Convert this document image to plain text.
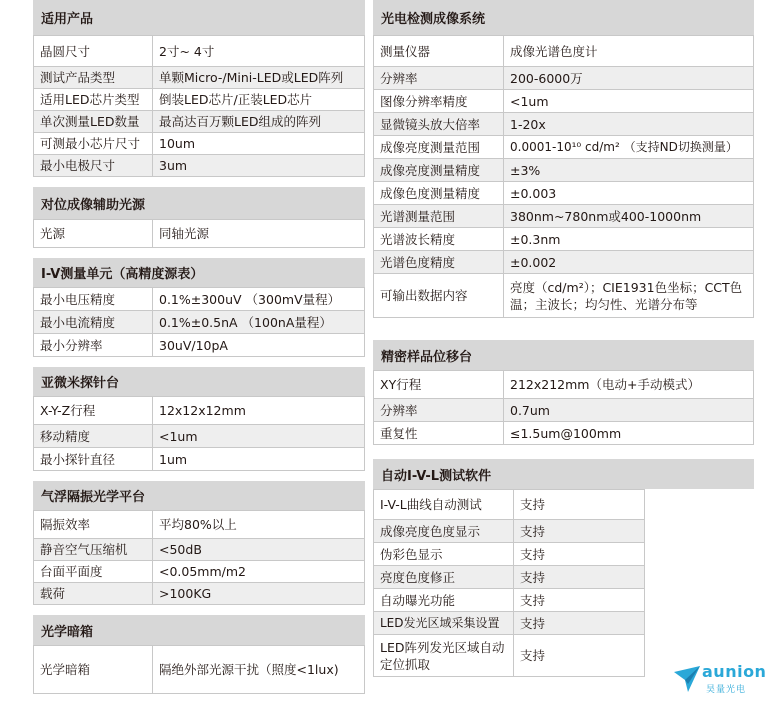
适用产品
晶圆尺寸	2寸~ 4寸
测试产品类型	单颗Micro-/Mini-LED或LED阵列
适用LED芯片类型	倒装LED芯片/正装LED芯片
单次测量LED数量	最高达百万颗LED组成的阵列
可测最小芯片尺寸	10um
最小电极尺寸	3um
对位成像辅助光源
光源	同轴光源
I-V测量单元（高精度源表）
最小电压精度	0.1%±300uV （300mV量程）
最小电流精度	0.1%±0.5nA （100nA量程）
最小分辨率	30uV/10pA
亚微米探针台
X-Y-Z行程	12x12x12mm
移动精度	<1um
最小探针直径	1um
气浮隔振光学平台
隔振效率	平均80%以上
静音空气压缩机	<50dB
台面平面度	<0.05mm/m2
载荷	>100KG
光学暗箱
光学暗箱	隔绝外部光源干扰（照度<1lux)
光电检测成像系统
测量仪器	成像光谱色度计
分辨率	200-6000万
图像分辨率精度	<1um
显微镜头放大倍率	1-20x
成像亮度测量范围	0.0001-10¹⁰ cd/m² （支持ND切换测量）
成像亮度测量精度	±3%
成像色度测量精度	±0.003
光谱测量范围	380nm~780nm或400-1000nm
光谱波长精度	±0.3nm
光谱色度精度	±0.002
可输出数据内容	亮度（cd/m²）；CIE1931色坐标；CCT色温；主波长；均匀性、光谱分布等
精密样品位移台
XY行程	212x212mm（电动+手动模式）
分辨率	0.7um
重复性	≤1.5um@100mm
自动I-V-L测试软件
I-V-L曲线自动测试	支持
成像亮度色度显示	支持
伪彩色显示	支持
亮度色度修正	支持
自动曝光功能	支持
LED发光区域采集设置	支持
LED阵列发光区域自动定位抓取	支持
aunion
昊量光电
